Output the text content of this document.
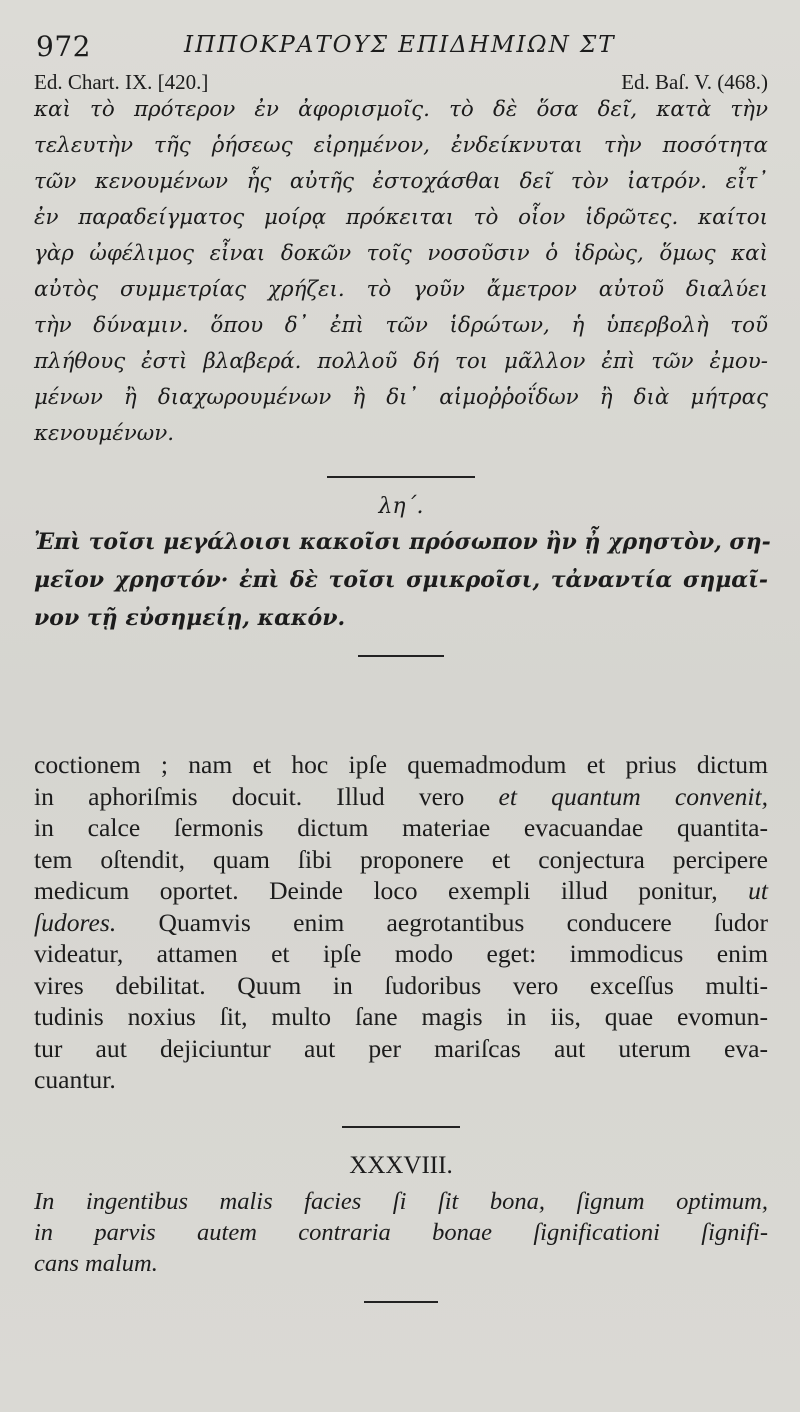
972	ΙΠΠΟΚΡΑΤΟΥΣ ΕΠΙΔΗΜΙΩΝ ΣΤ
Ed. Chart. IX. [420.]	Ed. Baſ. V. (468.)
καὶ τὸ πρότερον ἐν ἀφορισμοῖς. τὸ δὲ ὅσα δεῖ, κατὰ τὴν
τελευτὴν τῆς ῥήσεως εἰρημένον, ἐνδείκνυται τὴν ποσότητα
τῶν κενουμένων ἧς αὐτῆς ἐστοχάσθαι δεῖ τὸν ἰατρόν. εἶτ᾽
ἐν παραδείγματος μοίρᾳ πρόκειται τὸ οἷον ἱδρῶτες. καίτοι
γὰρ ὠφέλιμος εἶναι δοκῶν τοῖς νοσοῦσιν ὁ ἱδρὼς, ὅμως καὶ
αὐτὸς συμμετρίας χρήζει. τὸ γοῦν ἄμετρον αὐτοῦ διαλύει
τὴν δύναμιν. ὅπου δ᾽ ἐπὶ τῶν ἱδρώτων, ἡ ὑπερβολὴ τοῦ
πλήθους ἐστὶ βλαβερά. πολλοῦ δή τοι μᾶλλον ἐπὶ τῶν ἐμου-
μένων ἢ διαχωρουμένων ἢ δι᾽ αἱμοῤῥοΐδων ἢ διὰ μήτρας
κενουμένων.
λη΄.
Ἐπὶ τοῖσι μεγάλοισι κακοῖσι πρόσωπον ἢν ᾖ χρηστὸν, ση-
μεῖον χρηστόν· ἐπὶ δὲ τοῖσι σμικροῖσι, τἀναντία σημαῖ-
νον τῇ εὐσημείῃ, κακόν.
coctionem ; nam et hoc ipſe quemadmodum et prius dictum
in aphoriſmis docuit. Illud vero et quantum convenit,
in calce ſermonis dictum materiae evacuandae quantita-
tem oſtendit, quam ſibi proponere et conjectura percipere
medicum oportet. Deinde loco exempli illud ponitur, ut
ſudores. Quamvis enim aegrotantibus conducere ſudor
videatur, attamen et ipſe modo eget: immodicus enim
vires debilitat. Quum in ſudoribus vero exceſſus multi-
tudinis noxius ſit, multo ſane magis in iis, quae evomun-
tur aut dejiciuntur aut per mariſcas aut uterum eva-
cuantur.
XXXVIII.
In ingentibus malis facies ſi ſit bona, ſignum optimum,
in parvis autem contraria bonae ſignificationi ſignifi-
cans malum.
